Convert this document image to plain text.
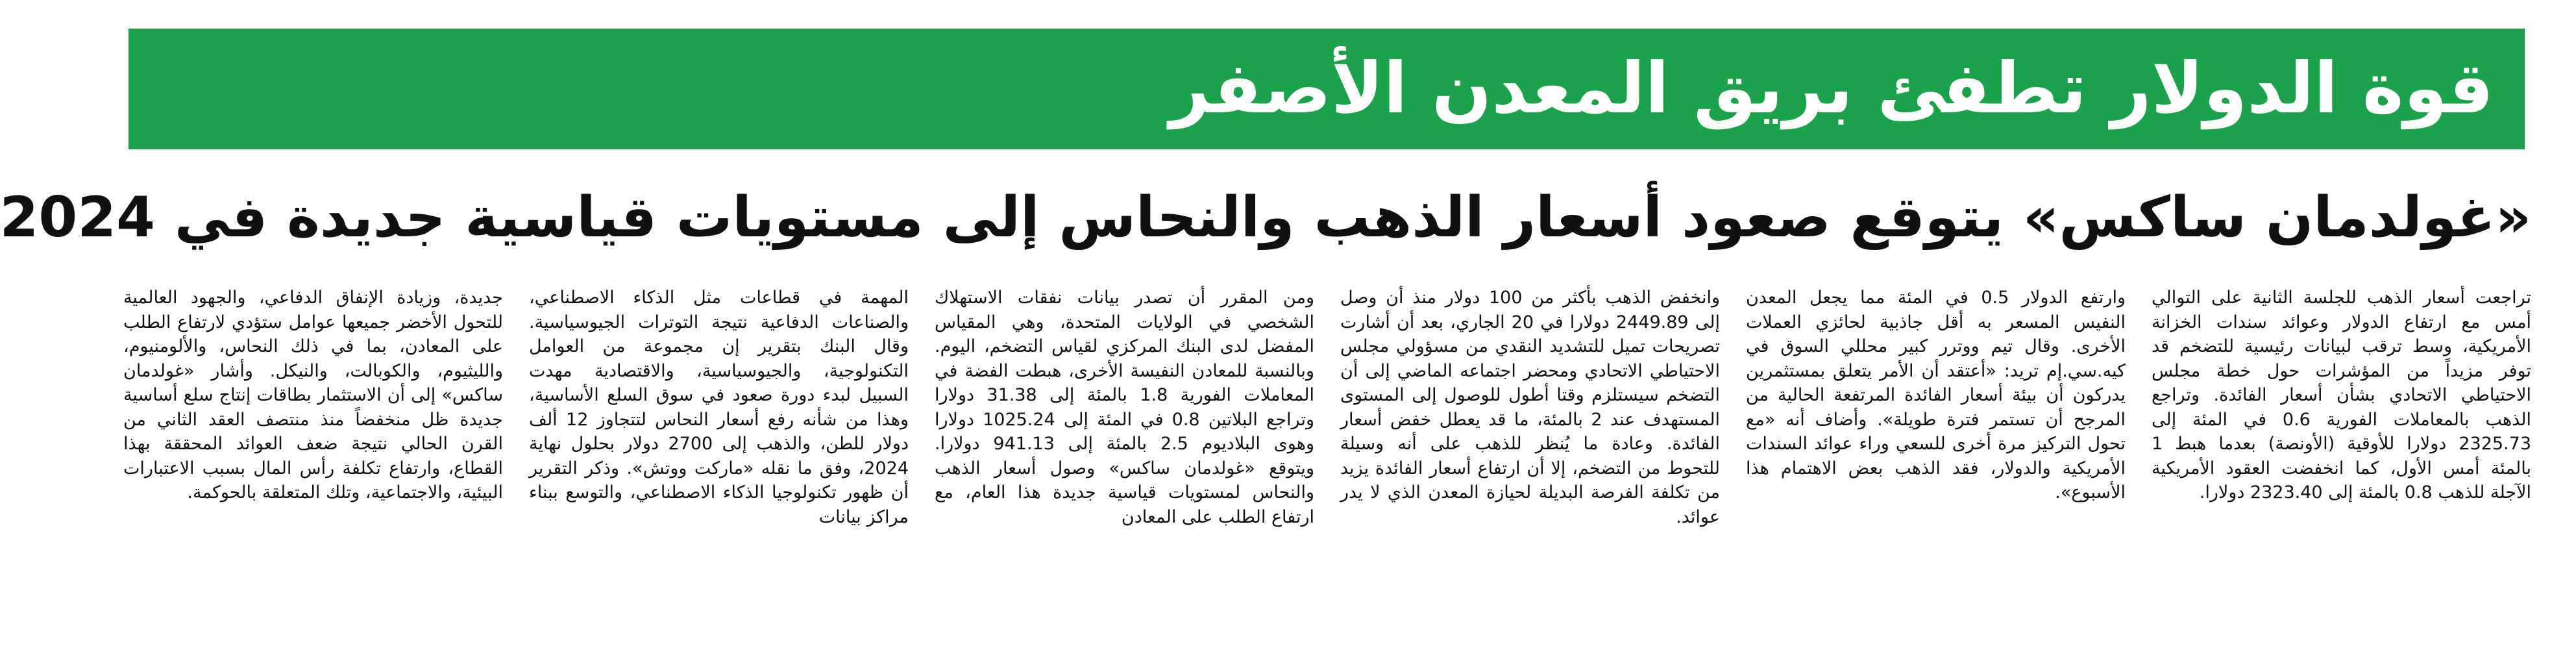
قوة الدولار تطفئ بريق المعدن الأصفر
«غولدمان ساكس» يتوقع صعود أسعار الذهب والنحاس إلى مستويات قياسية جديدة في 2024

تراجعت أسعار الذهب للجلسة الثانية على التوالي أمس مع ارتفاع الدولار وعوائد سندات الخزانة الأمريكية، وسط ترقب لبيانات رئيسية للتضخم قد توفر مزيداً من المؤشرات حول خطة مجلس الاحتياطي الاتحادي بشأن أسعار الفائدة. وتراجع الذهب بالمعاملات الفورية 0.6 في المئة إلى 2325.73 دولارا للأوقية (الأونصة) بعدما هبط 1 بالمئة أمس الأول، كما انخفضت العقود الأمريكية الآجلة للذهب 0.8 بالمئة إلى 2323.40 دولارا.

وارتفع الدولار 0.5 في المئة مما يجعل المعدن النفيس المسعر به أقل جاذبية لحائزي العملات الأخرى. وقال تيم ووترر كبير محللي السوق في كيه.سي.إم تريد: «أعتقد أن الأمر يتعلق بمستثمرين يدركون أن بيئة أسعار الفائدة المرتفعة الحالية من المرجح أن تستمر فترة طويلة». وأضاف أنه «مع تحول التركيز مرة أخرى للسعي وراء عوائد السندات الأمريكية والدولار، فقد الذهب بعض الاهتمام هذا الأسبوع».

وانخفض الذهب بأكثر من 100 دولار منذ أن وصل إلى 2449.89 دولارا في 20 الجاري، بعد أن أشارت تصريحات تميل للتشديد النقدي من مسؤولي مجلس الاحتياطي الاتحادي ومحضر اجتماعه الماضي إلى أن التضخم سيستلزم وقتا أطول للوصول إلى المستوى المستهدف عند 2 بالمئة، ما قد يعطل خفض أسعار الفائدة. وعادة ما يُنظر للذهب على أنه وسيلة للتحوط من التضخم، إلا أن ارتفاع أسعار الفائدة يزيد من تكلفة الفرصة البديلة لحيازة المعدن الذي لا يدر عوائد.

ومن المقرر أن تصدر بيانات نفقات الاستهلاك الشخصي في الولايات المتحدة، وهي المقياس المفضل لدى البنك المركزي لقياس التضخم، اليوم. وبالنسبة للمعادن النفيسة الأخرى، هبطت الفضة في المعاملات الفورية 1.8 بالمئة إلى 31.38 دولارا وتراجع البلاتين 0.8 في المئة إلى 1025.24 دولارا وهوى البلاديوم 2.5 بالمئة إلى 941.13 دولارا. ويتوقع «غولدمان ساكس» وصول أسعار الذهب والنحاس لمستويات قياسية جديدة هذا العام، مع ارتفاع الطلب على المعادن

المهمة في قطاعات مثل الذكاء الاصطناعي، والصناعات الدفاعية نتيجة التوترات الجيوسياسية. وقال البنك بتقرير إن مجموعة من العوامل التكنولوجية، والجيوسياسية، والاقتصادية مهدت السبيل لبدء دورة صعود في سوق السلع الأساسية، وهذا من شأنه رفع أسعار النحاس لتتجاوز 12 ألف دولار للطن، والذهب إلى 2700 دولار بحلول نهاية 2024، وفق ما نقله «ماركت ووتش». وذكر التقرير أن ظهور تكنولوجيا الذكاء الاصطناعي، والتوسع ببناء مراكز بيانات

جديدة، وزيادة الإنفاق الدفاعي، والجهود العالمية للتحول الأخضر جميعها عوامل ستؤدي لارتفاع الطلب على المعادن، بما في ذلك النحاس، والألومنيوم، والليثيوم، والكوبالت، والنيكل. وأشار «غولدمان ساكس» إلى أن الاستثمار بطاقات إنتاج سلع أساسية جديدة ظل منخفضاً منذ منتصف العقد الثاني من القرن الحالي نتيجة ضعف العوائد المحققة بهذا القطاع، وارتفاع تكلفة رأس المال بسبب الاعتبارات البيئية، والاجتماعية، وتلك المتعلقة بالحوكمة.
